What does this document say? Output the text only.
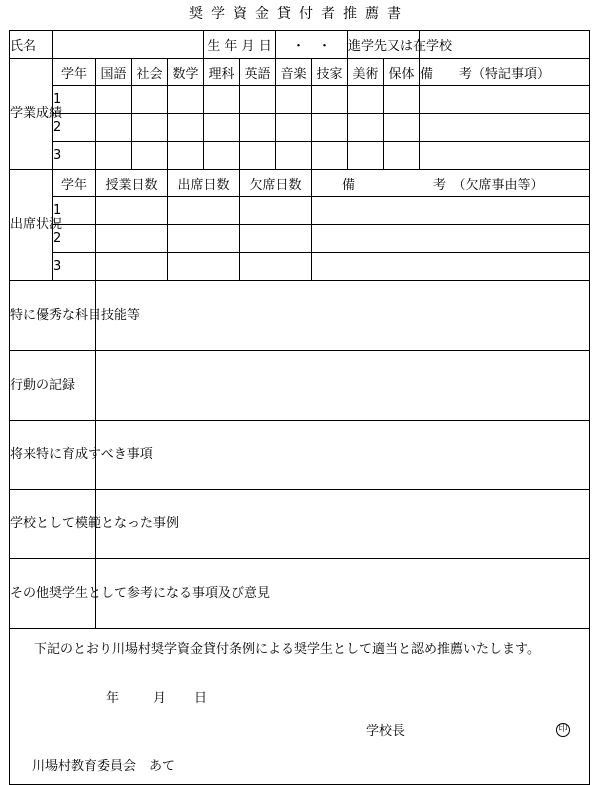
奨学資金貸付者推薦書
氏名					生 年 月 日		・　・		進学先又は在学校		
学業成績	学年	国語	社会	数学	理科	英語	音楽	技家	美術	保体	備　　考（特記事項）
	1										
	2										
	3										
出席状況	学年	授業日数		出席日数		欠席日数		備　　　　　　考　（欠席事由等）			
	1										
	2										
	3										
特に優秀な科目技能等											
行動の記録											
将来特に育成すべき事項											
学校として模範となった事例											
その他奨学生として参考になる事項及び意見											

下記のとおり川場村奨学資金貸付条例による奨学生として適当と認め推薦いたします。
年 月 日
学校長 印
川場村教育委員会　あて											
